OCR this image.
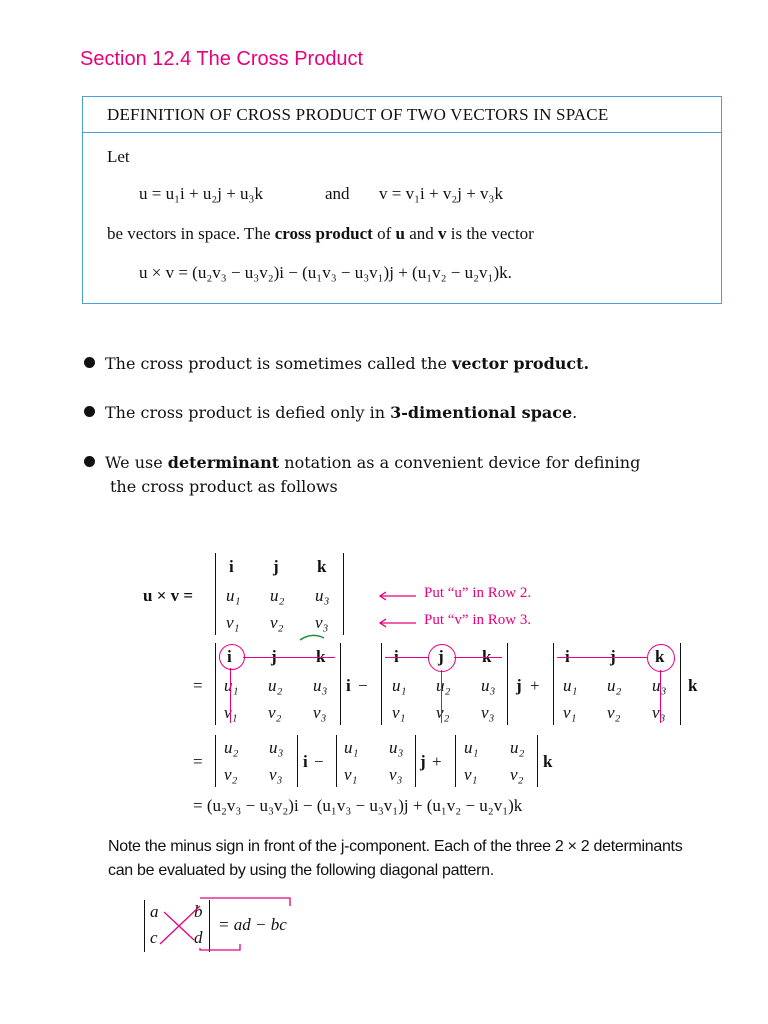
Section 12.4 The Cross Product
DEFINITION OF CROSS PRODUCT OF TWO VECTORS IN SPACE
Let
u = u₁i + u₂j + u₃k	and v = v₁i + v₂j + v₃k
be vectors in space. The cross product of u and v is the vector
u × v = (u₂v₃ − u₃v₂)i − (u₁v₃ − u₃v₁)j + (u₁v₂ − u₂v₁)k.
The cross product is sometimes called the vector product.
The cross product is defied only in 3-dimentional space.
We use determinant notation as a convenient device for defining
the cross product as follows
u × v =
i j k
u₁ u₂ u₃
v₁ v₂ v₃
Put “u” in Row 2.
Put “v” in Row 3.
=
i j k
u₁ u₂ u₃
v₁ v₂ v₃
i −
i j k
u₁ u₂ u₃
v₁ v₂ v₃
j +
i j k
u₁ u₂ u₃
v₁ v₂ v₃
k
=
u₂ u₃
v₂ v₃
i −
u₁ u₃
v₁ v₃
j +
u₁ u₂
v₁ v₂
k
= (u₂v₃ − u₃v₂)i − (u₁v₃ − u₃v₁)j + (u₁v₂ − u₂v₁)k
Note the minus sign in front of the j-component. Each of the three 2 × 2 determinants
can be evaluated by using the following diagonal pattern.
a b
c d
= ad − bc
